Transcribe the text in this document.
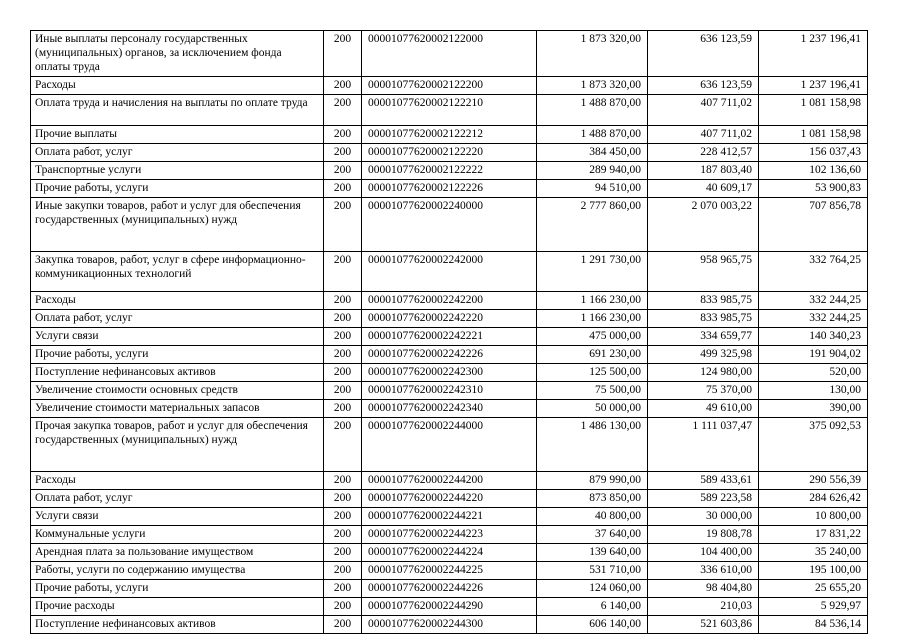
Иные выплаты персоналу государственных (муниципальных) органов, за исключением фонда оплаты труда	200	00001077620002122000	1 873 320,00	636 123,59	1 237 196,41
Расходы	200	00001077620002122200	1 873 320,00	636 123,59	1 237 196,41
Оплата труда и начисления на выплаты по оплате труда	200	00001077620002122210	1 488 870,00	407 711,02	1 081 158,98
Прочие выплаты	200	00001077620002122212	1 488 870,00	407 711,02	1 081 158,98
Оплата работ, услуг	200	00001077620002122220	384 450,00	228 412,57	156 037,43
Транспортные услуги	200	00001077620002122222	289 940,00	187 803,40	102 136,60
Прочие работы, услуги	200	00001077620002122226	94 510,00	40 609,17	53 900,83
Иные закупки товаров, работ и услуг для обеспечения государственных (муниципальных) нужд	200	00001077620002240000	2 777 860,00	2 070 003,22	707 856,78
Закупка товаров, работ, услуг в сфере информационно-коммуникационных технологий	200	00001077620002242000	1 291 730,00	958 965,75	332 764,25
Расходы	200	00001077620002242200	1 166 230,00	833 985,75	332 244,25
Оплата работ, услуг	200	00001077620002242220	1 166 230,00	833 985,75	332 244,25
Услуги связи	200	00001077620002242221	475 000,00	334 659,77	140 340,23
Прочие работы, услуги	200	00001077620002242226	691 230,00	499 325,98	191 904,02
Поступление нефинансовых активов	200	00001077620002242300	125 500,00	124 980,00	520,00
Увеличение стоимости основных средств	200	00001077620002242310	75 500,00	75 370,00	130,00
Увеличение стоимости материальных запасов	200	00001077620002242340	50 000,00	49 610,00	390,00
Прочая закупка товаров, работ и услуг для обеспечения государственных (муниципальных) нужд	200	00001077620002244000	1 486 130,00	1 111 037,47	375 092,53
Расходы	200	00001077620002244200	879 990,00	589 433,61	290 556,39
Оплата работ, услуг	200	00001077620002244220	873 850,00	589 223,58	284 626,42
Услуги связи	200	00001077620002244221	40 800,00	30 000,00	10 800,00
Коммунальные услуги	200	00001077620002244223	37 640,00	19 808,78	17 831,22
Арендная плата за пользование имуществом	200	00001077620002244224	139 640,00	104 400,00	35 240,00
Работы, услуги по содержанию имущества	200	00001077620002244225	531 710,00	336 610,00	195 100,00
Прочие работы, услуги	200	00001077620002244226	124 060,00	98 404,80	25 655,20
Прочие расходы	200	00001077620002244290	6 140,00	210,03	5 929,97
Поступление нефинансовых активов	200	00001077620002244300	606 140,00	521 603,86	84 536,14
